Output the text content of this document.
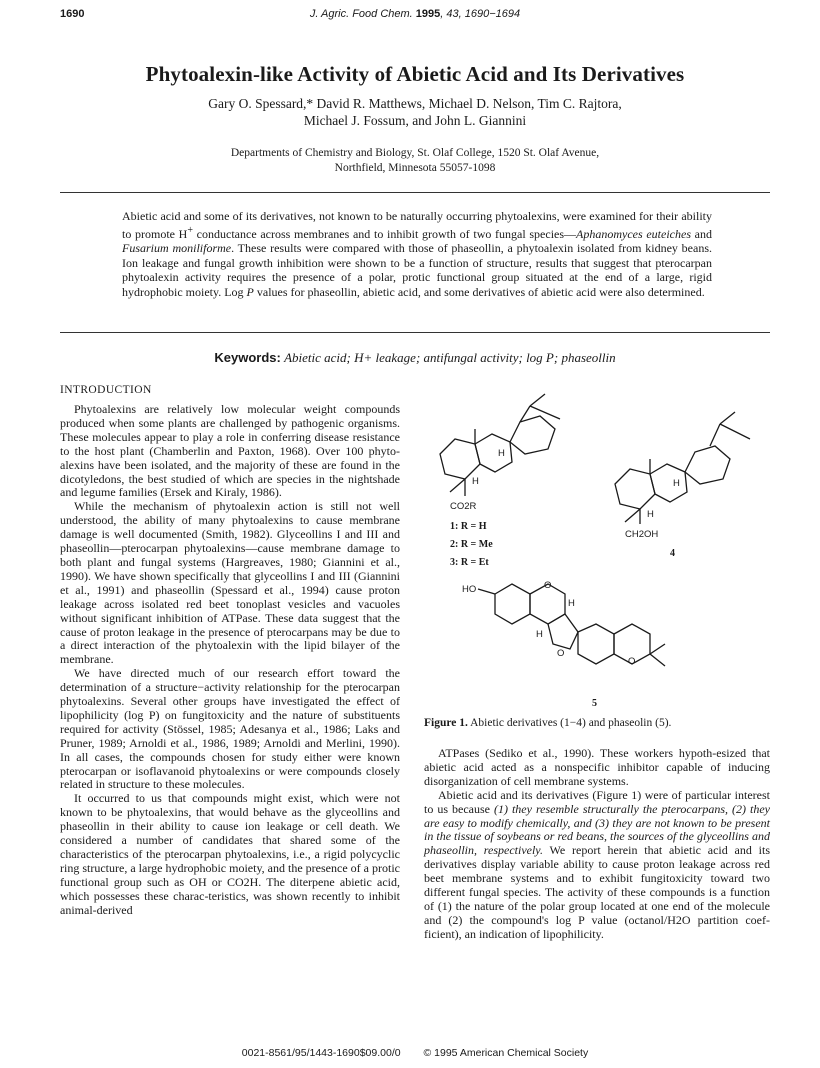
1690	J. Agric. Food Chem. 1995, 43, 1690−1694
Phytoalexin-like Activity of Abietic Acid and Its Derivatives
Gary O. Spessard,* David R. Matthews, Michael D. Nelson, Tim C. Rajtora,
Michael J. Fossum, and John L. Giannini
Departments of Chemistry and Biology, St. Olaf College, 1520 St. Olaf Avenue,
Northfield, Minnesota 55057-1098
Abietic acid and some of its derivatives, not known to be naturally occurring phytoalexins, were examined for their ability to promote H+ conductance across membranes and to inhibit growth of two fungal species—Aphanomyces euteiches and Fusarium moniliforme. These results were compared with those of phaseollin, a phytoalexin isolated from kidney beans. Ion leakage and fungal growth inhibition were shown to be a function of structure, results that suggest that pterocarpan phytoalexin activity requires the presence of a polar, protic functional group situated at the end of a large, rigid hydrophobic moiety. Log P values for phaseollin, abietic acid, and some derivatives of abietic acid were also determined.
Keywords: Abietic acid; H+ leakage; antifungal activity; log P; phaseollin
INTRODUCTION

Phytoalexins are relatively low molecular weight compounds produced when some plants are challenged by pathogenic organisms. These molecules appear to play a role in conferring disease resistance to the host plant (Chamberlin and Paxton, 1968). Over 100 phyto-alexins have been isolated, and the majority of these are found in the dicotyledons, the best studied of which are species in the nightshade and legume families (Ersek and Kiraly, 1986).

While the mechanism of phytoalexin action is still not well understood, the ability of many phytoalexins to cause membrane damage is well documented (Smith, 1982). Glyceollins I and III and phaseollin—pterocarpan phytoalexins—cause membrane damage to both plant and fungal systems (Hargreaves, 1980; Giannini et al., 1990). We have shown specifically that glyceollins I and III (Giannini et al., 1991) and phaseollin (Spessard et al., 1994) cause proton leakage across isolated red beet tonoplast vesicles and vacuoles without significant inhibition of ATPase. These data suggest that the cause of proton leakage in the presence of pterocarpans may be due to a direct interaction of the phytoalexin with the lipid bilayer of the membrane.

We have directed much of our research effort toward the determination of a structure−activity relationship for the pterocarpan phytoalexins. Several other groups have investigated the effect of lipophilicity (log P) on fungitoxicity and the nature of substituents required for activity (Stössel, 1985; Adesanya et al., 1986; Laks and Pruner, 1989; Arnoldi et al., 1986, 1989; Arnoldi and Merlini, 1990). In all cases, the compounds chosen for study either were known pterocarpan or isoflavanoid phytoalexins or were compounds closely related in structure to these molecules.

It occurred to us that compounds might exist, which were not known to be phytoalexins, that would behave as the glyceollins and phaseollin in their ability to cause ion leakage or cell death. We considered a number of candidates that shared some of the characteristics of the pterocarpan phytoalexins, i.e., a rigid polycyclic ring structure, a large hydrophobic moiety, and the presence of a protic functional group such as OH or CO2H. The diterpene abietic acid, which possesses these charac-teristics, was shown recently to inhibit animal-derived

H
H
CO2R
1: R = H
2: R = Me
3: R = Et
H
H
CH2OH
4
HO	O
H
H
O
O
5
Figure 1. Abietic derivatives (1−4) and phaseolin (5).

ATPases (Sediko et al., 1990). These workers hypoth-esized that abietic acid acted as a nonspecific inhibitor capable of inducing disorganization of cell membrane systems.

Abietic acid and its derivatives (Figure 1) were of particular interest to us because (1) they resemble structurally the pterocarpans, (2) they are easy to modify chemically, and (3) they are not known to be present in the tissue of soybeans or red beans, the sources of the glyceollins and phaseollin, respectively. We report herein that abietic acid and its derivatives display variable ability to cause proton leakage across red beet membrane systems and to exhibit fungitoxicity toward two different fungal species. The activity of these compounds is a function of (1) the nature of the polar group located at one end of the molecule and (2) the compound's log P value (octanol/H2O partition coef-ficient), an indication of lipophilicity.

0021-8561/95/1443-1690$09.00/0 © 1995 American Chemical Society
